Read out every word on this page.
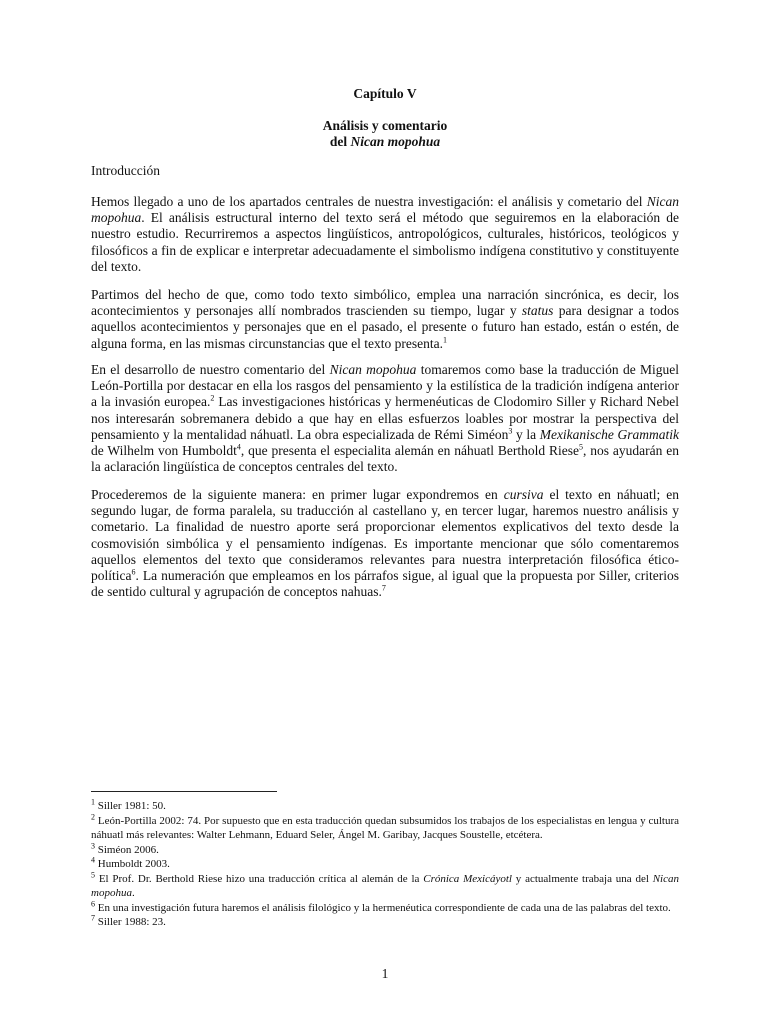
Capítulo V
Análisis y comentario
del Nican mopohua
Introducción
Hemos llegado a uno de los apartados centrales de nuestra investigación: el análisis y cometario del Nican mopohua. El análisis estructural interno del texto será el método que seguiremos en la elaboración de nuestro estudio. Recurriremos a aspectos lingüísticos, antropológicos, culturales, históricos, teológicos y filosóficos a fin de explicar e interpretar adecuadamente el simbolismo indígena constitutivo y constituyente del texto.
Partimos del hecho de que, como todo texto simbólico, emplea una narración sincrónica, es decir, los acontecimientos y personajes allí nombrados trascienden su tiempo, lugar y status para designar a todos aquellos acontecimientos y personajes que en el pasado, el presente o futuro han estado, están o estén, de alguna forma, en las mismas circunstancias que el texto presenta.$^1$
En el desarrollo de nuestro comentario del Nican mopohua tomaremos como base la traducción de Miguel León-Portilla por destacar en ella los rasgos del pensamiento y la estilística de la tradición indígena anterior a la invasión europea.$^2$ Las investigaciones históricas y hermenéuticas de Clodomiro Siller y Richard Nebel nos interesarán sobremanera debido a que hay en ellas esfuerzos loables por mostrar la perspectiva del pensamiento y la mentalidad náhuatl. La obra especializada de Rémi Siméon$^3$ y la Mexikanische Grammatik de Wilhelm von Humboldt$^4$, que presenta el especialita alemán en náhuatl Berthold Riese$^5$, nos ayudarán en la aclaración lingüística de conceptos centrales del texto.
Procederemos de la siguiente manera: en primer lugar expondremos en cursiva el texto en náhuatl; en segundo lugar, de forma paralela, su traducción al castellano y, en tercer lugar, haremos nuestro análisis y cometario. La finalidad de nuestro aporte será proporcionar elementos explicativos del texto desde la cosmovisión simbólica y el pensamiento indígenas. Es importante mencionar que sólo comentaremos aquellos elementos del texto que consideramos relevantes para nuestra interpretación filosófica ético-política$^6$. La numeración que empleamos en los párrafos sigue, al igual que la propuesta por Siller, criterios de sentido cultural y agrupación de conceptos nahuas.$^7$

$^1$ Siller 1981: 50.

$^2$ León-Portilla 2002: 74. Por supuesto que en esta traducción quedan subsumidos los trabajos de los especialistas en lengua y cultura náhuatl más relevantes: Walter Lehmann, Eduard Seler, Ángel M. Garibay, Jacques Soustelle, etcétera.

$^3$ Siméon 2006.

$^4$ Humboldt 2003.

$^5$ El Prof. Dr. Berthold Riese hizo una traducción crítica al alemán de la Crónica Mexicáyotl y actualmente trabaja una del Nican mopohua.

$^6$ En una investigación futura haremos el análisis filológico y la hermenéutica correspondiente de cada una de las palabras del texto.

$^7$ Siller 1988: 23.

1
